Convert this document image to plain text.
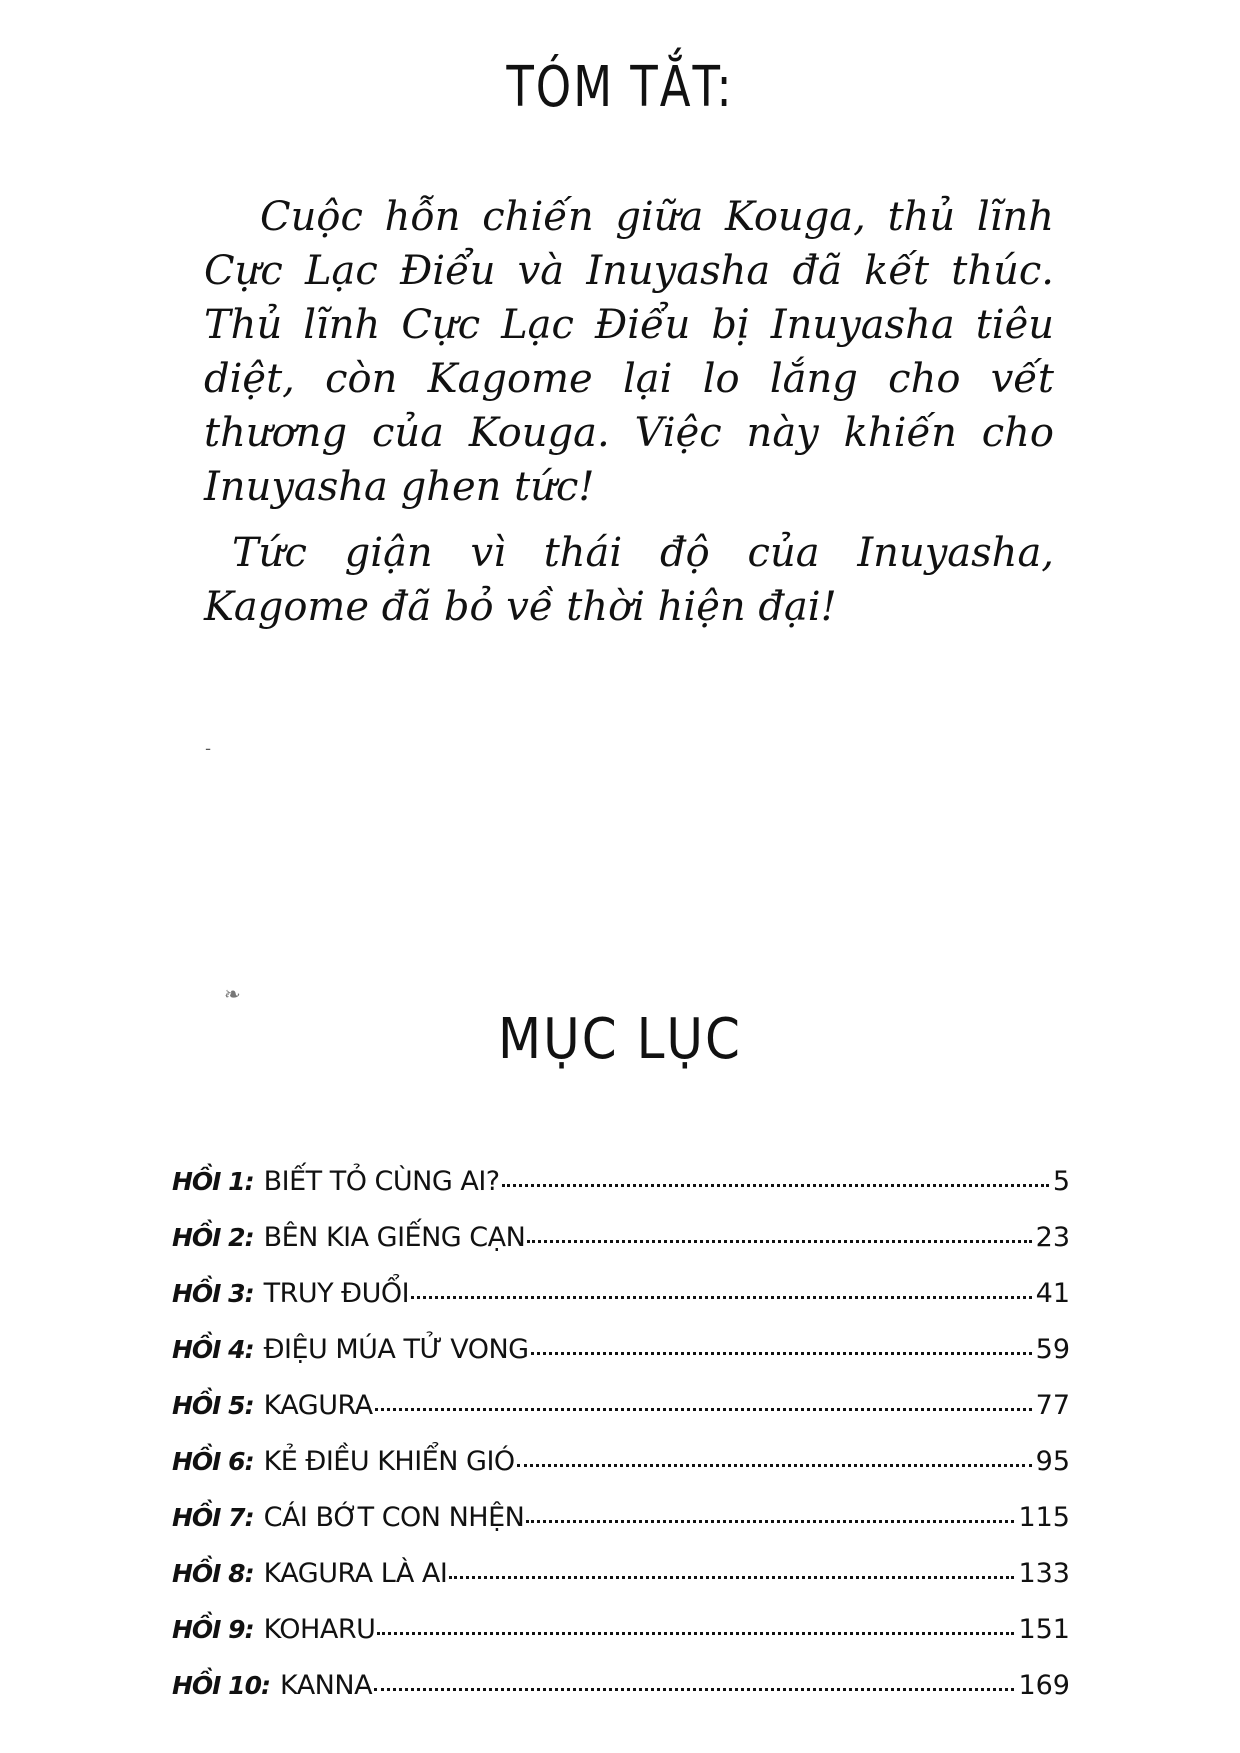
TÓM TẮT:

Cuộc hỗn chiến giữa Kouga, thủ lĩnh Cực Lạc Điểu và Inuyasha đã kết thúc. Thủ lĩnh Cực Lạc Điểu bị Inuyasha tiêu diệt, còn Kagome lại lo lắng cho vết thương của Kouga. Việc này khiến cho Inuyasha ghen tức!

Tức giận vì thái độ của Inuyasha, Kagome đã bỏ về thời hiện đại!

ـ
❧
MỤC LỤC
HỒI 1: BIẾT TỎ CÙNG AI?	5
HỒI 2: BÊN KIA GIẾNG CẠN	23
HỒI 3: TRUY ĐUỔI	41
HỒI 4: ĐIỆU MÚA TỬ VONG	59
HỒI 5: KAGURA	77
HỒI 6: KẺ ĐIỀU KHIỂN GIÓ	95
HỒI 7: CÁI BỚT CON NHỆN	115
HỒI 8: KAGURA LÀ AI	133
HỒI 9: KOHARU	151
HỒI 10: KANNA	169
